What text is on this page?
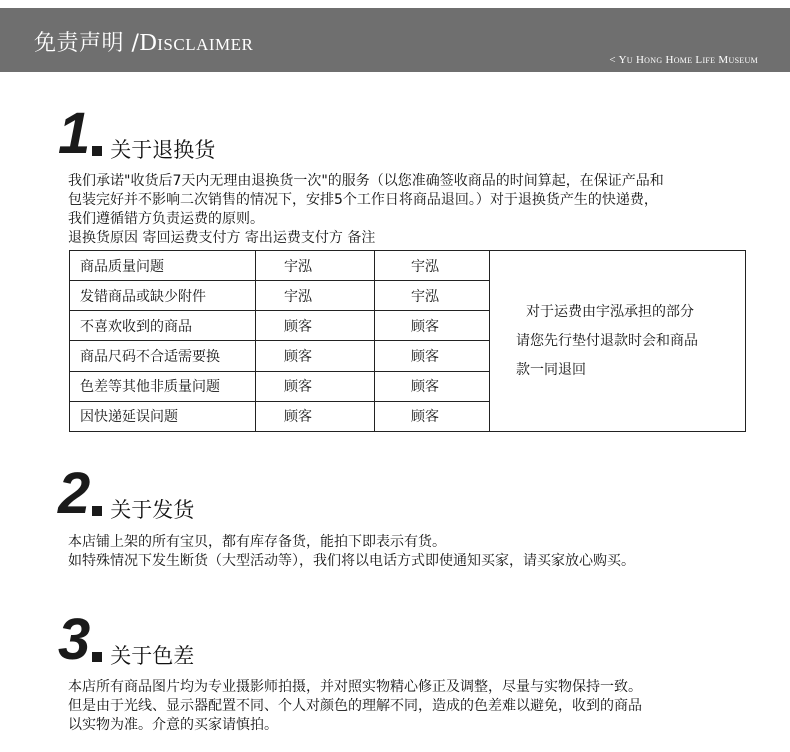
免责声明 /Disclaimer
< Yu Hong Home Life Museum
1 关于退换货
我们承诺"收货后7天内无理由退换货一次"的服务（以您准确签收商品的时间算起，在保证产品和
包装完好并不影响二次销售的情况下，安排5个工作日将商品退回。）对于退换货产生的快递费，
我们遵循错方负责运费的原则。
退换货原因 寄回运费支付方 寄出运费支付方 备注
商品质量问题	宇泓	宇泓	对于运费由宇泓承担的部分
请您先行垫付退款时会和商品
款一同退回

发错商品或缺少附件	宇泓	宇泓	
不喜欢收到的商品	顾客	顾客	
商品尺码不合适需要换	顾客	顾客	
色差等其他非质量问题	顾客	顾客	
因快递延误问题	顾客	顾客	
2 关于发货
本店铺上架的所有宝贝，都有库存备货，能拍下即表示有货。
如特殊情况下发生断货（大型活动等），我们将以电话方式即使通知买家，请买家放心购买。
3 关于色差
本店所有商品图片均为专业摄影师拍摄，并对照实物精心修正及调整，尽量与实物保持一致。
但是由于光线、显示器配置不同、个人对颜色的理解不同，造成的色差难以避免，收到的商品
以实物为准。介意的买家请慎拍。
